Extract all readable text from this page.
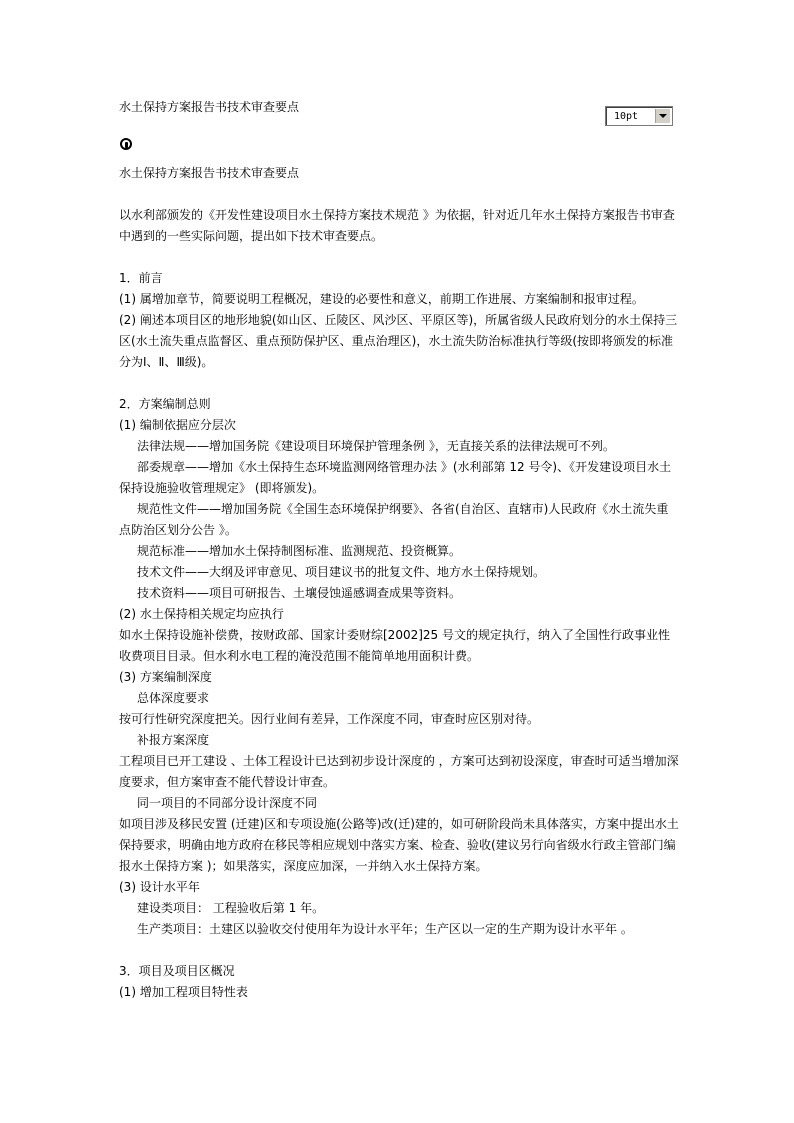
水土保持方案报告书技术审查要点
10pt

水土保持方案报告书技术审查要点

以水利部颁发的《开发性建设项目水土保持方案技术规范 》为依据，针对近几年水土保持方案报告书审查中遇到的一些实际问题，提出如下技术审查要点。

1．前言

(1) 属增加章节，简要说明工程概况，建设的必要性和意义，前期工作进展、方案编制和报审过程。

(2) 阐述本项目区的地形地貌(如山区、丘陵区、风沙区、平原区等)，所属省级人民政府划分的水土保持三区(水土流失重点监督区、重点预防保护区、重点治理区)，水土流失防治标准执行等级(按即将颁发的标准分为Ⅰ、Ⅱ、Ⅲ级)。

2．方案编制总则

(1) 编制依据应分层次

法律法规——增加国务院《建设项目环境保护管理条例 》，无直接关系的法律法规可不列。

部委规章——增加《水土保持生态环境监测网络管理办法 》(水利部第 12 号令)、《开发建设项目水土保持设施验收管理规定》 (即将颁发)。

规范性文件——增加国务院《全国生态环境保护纲要》、各省(自治区、直辖市)人民政府《水土流失重点防治区划分公告 》。

规范标准——增加水土保持制图标准、监测规范、投资概算。

技术文件——大纲及评审意见、项目建议书的批复文件、地方水土保持规划。

技术资料——项目可研报告、土壤侵蚀遥感调查成果等资料。

(2) 水土保持相关规定均应执行

如水土保持设施补偿费，按财政部、国家计委财综[2002]25 号文的规定执行，纳入了全国性行政事业性收费项目目录。但水利水电工程的淹没范围不能简单地用面积计费。

(3) 方案编制深度

总体深度要求

按可行性研究深度把关。因行业间有差异，工作深度不同，审查时应区别对待。

补报方案深度

工程项目已开工建设 、土体工程设计已达到初步设计深度的 ，方案可达到初设深度，审查时可适当增加深度要求，但方案审查不能代替设计审查。

同一项目的不同部分设计深度不同

如项目涉及移民安置 (迁建)区和专项设施(公路等)改(迁)建的，如可研阶段尚未具体落实，方案中提出水土保持要求，明确由地方政府在移民等相应规划中落实方案、检查、验收(建议另行向省级水行政主管部门编报水土保持方案 )；如果落实，深度应加深，一并纳入水土保持方案。

(3) 设计水平年

建设类项目： 工程验收后第 1 年。

生产类项目：土建区以验收交付使用年为设计水平年；生产区以一定的生产期为设计水平年 。

3．项目及项目区概况

(1) 增加工程项目特性表
